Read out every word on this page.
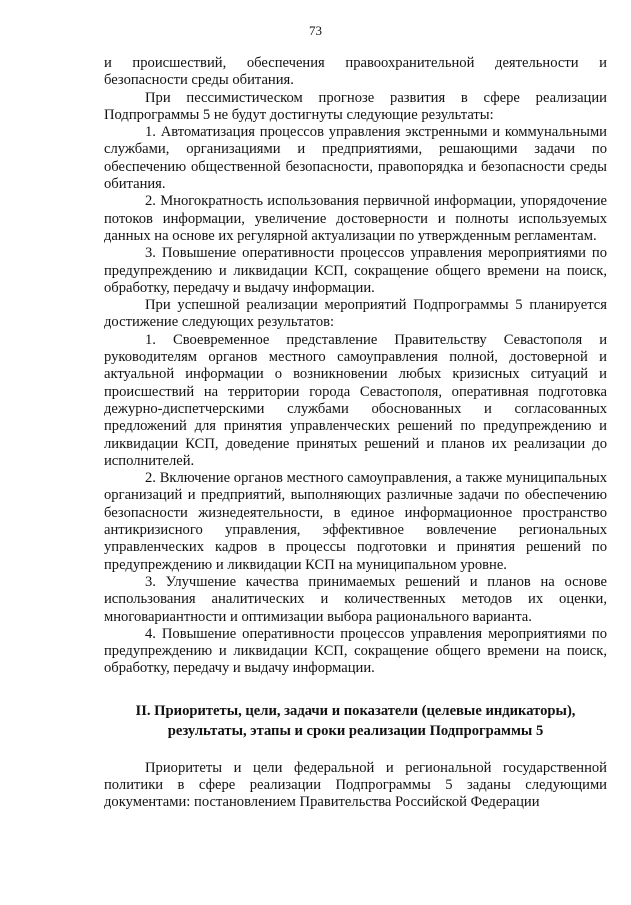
73

и происшествий, обеспечения правоохранительной деятельности и безопасности среды обитания.

При пессимистическом прогнозе развития в сфере реализации Подпрограммы 5 не будут достигнуты следующие результаты:

1. Автоматизация процессов управления экстренными и коммунальными службами, организациями и предприятиями, решающими задачи по обеспечению общественной безопасности, правопорядка и безопасности среды обитания.

2. Многократность использования первичной информации, упорядочение потоков информации, увеличение достоверности и полноты используемых данных на основе их регулярной актуализации по утвержденным регламентам.

3. Повышение оперативности процессов управления мероприятиями по предупреждению и ликвидации КСП, сокращение общего времени на поиск, обработку, передачу и выдачу информации.

При успешной реализации мероприятий Подпрограммы 5 планируется достижение следующих результатов:

1. Своевременное представление Правительству Севастополя и руководителям органов местного самоуправления полной, достоверной и актуальной информации о возникновении любых кризисных ситуаций и происшествий на территории города Севастополя, оперативная подготовка дежурно-диспетчерскими службами обоснованных и согласованных предложений для принятия управленческих решений по предупреждению и ликвидации КСП, доведение принятых решений и планов их реализации до исполнителей.

2. Включение органов местного самоуправления, а также муниципальных организаций и предприятий, выполняющих различные задачи по обеспечению безопасности жизнедеятельности, в единое информационное пространство антикризисного управления, эффективное вовлечение региональных управленческих кадров в процессы подготовки и принятия решений по предупреждению и ликвидации КСП на муниципальном уровне.

3. Улучшение качества принимаемых решений и планов на основе использования аналитических и количественных методов их оценки, многовариантности и оптимизации выбора рационального варианта.

4. Повышение оперативности процессов управления мероприятиями по предупреждению и ликвидации КСП, сокращение общего времени на поиск, обработку, передачу и выдачу информации.

II. Приоритеты, цели, задачи и показатели (целевые индикаторы),
результаты, этапы и сроки реализации Подпрограммы 5

Приоритеты и цели федеральной и региональной государственной политики в сфере реализации Подпрограммы 5 заданы следующими документами: постановлением Правительства Российской Федерации
